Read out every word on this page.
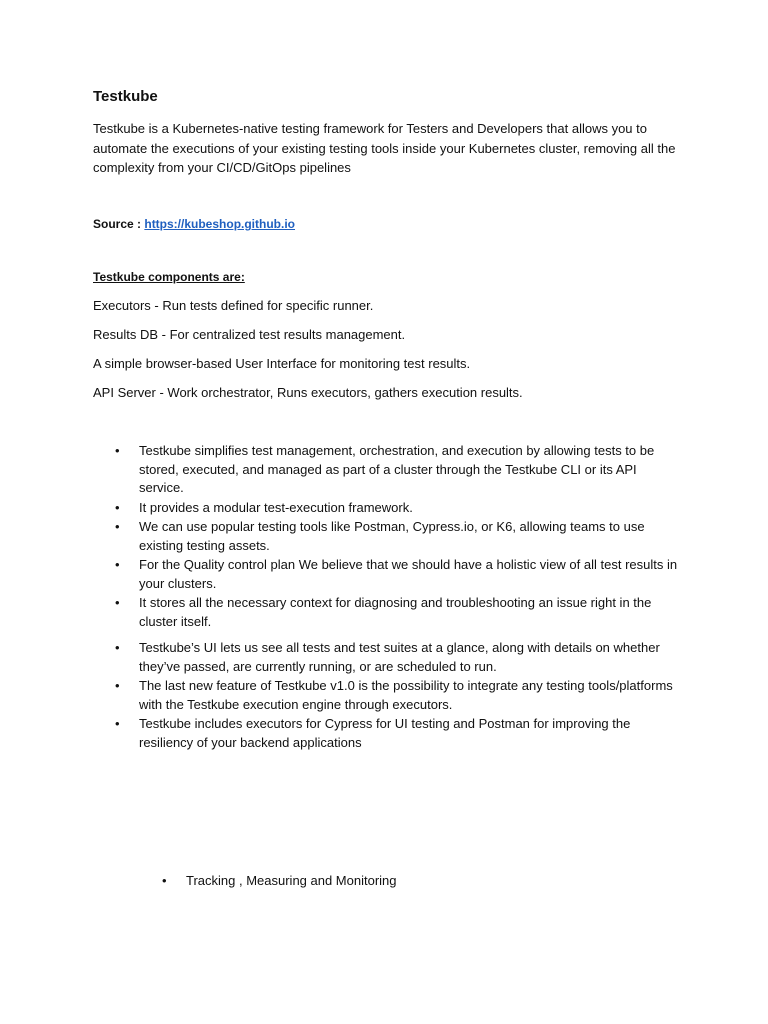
Testkube

Testkube is a Kubernetes-native testing framework for Testers and Developers that allows you to automate the executions of your existing testing tools inside your Kubernetes cluster, removing all the complexity from your CI/CD/GitOps pipelines

Source : https://kubeshop.github.io

Testkube components are:

Executors - Run tests defined for specific runner.

Results DB - For centralized test results management.

A simple browser-based User Interface for monitoring test results.

API Server - Work orchestrator, Runs executors, gathers execution results.

• Testkube simplifies test management, orchestration, and execution by allowing tests to be stored, executed, and managed as part of a cluster through the Testkube CLI or its API service.
• It provides a modular test-execution framework.
• We can use popular testing tools like Postman, Cypress.io, or K6, allowing teams to use existing testing assets.
• For the Quality control plan We believe that we should have a holistic view of all test results in your clusters.
• It stores all the necessary context for diagnosing and troubleshooting an issue right in the cluster itself.
• Testkube’s UI lets us see all tests and test suites at a glance, along with details on whether they’ve passed, are currently running, or are scheduled to run.
• The last new feature of Testkube v1.0 is the possibility to integrate any testing tools/platforms with the Testkube execution engine through executors.
• Testkube includes executors for Cypress for UI testing and Postman for improving the resiliency of your backend applications
• Tracking , Measuring and Monitoring
